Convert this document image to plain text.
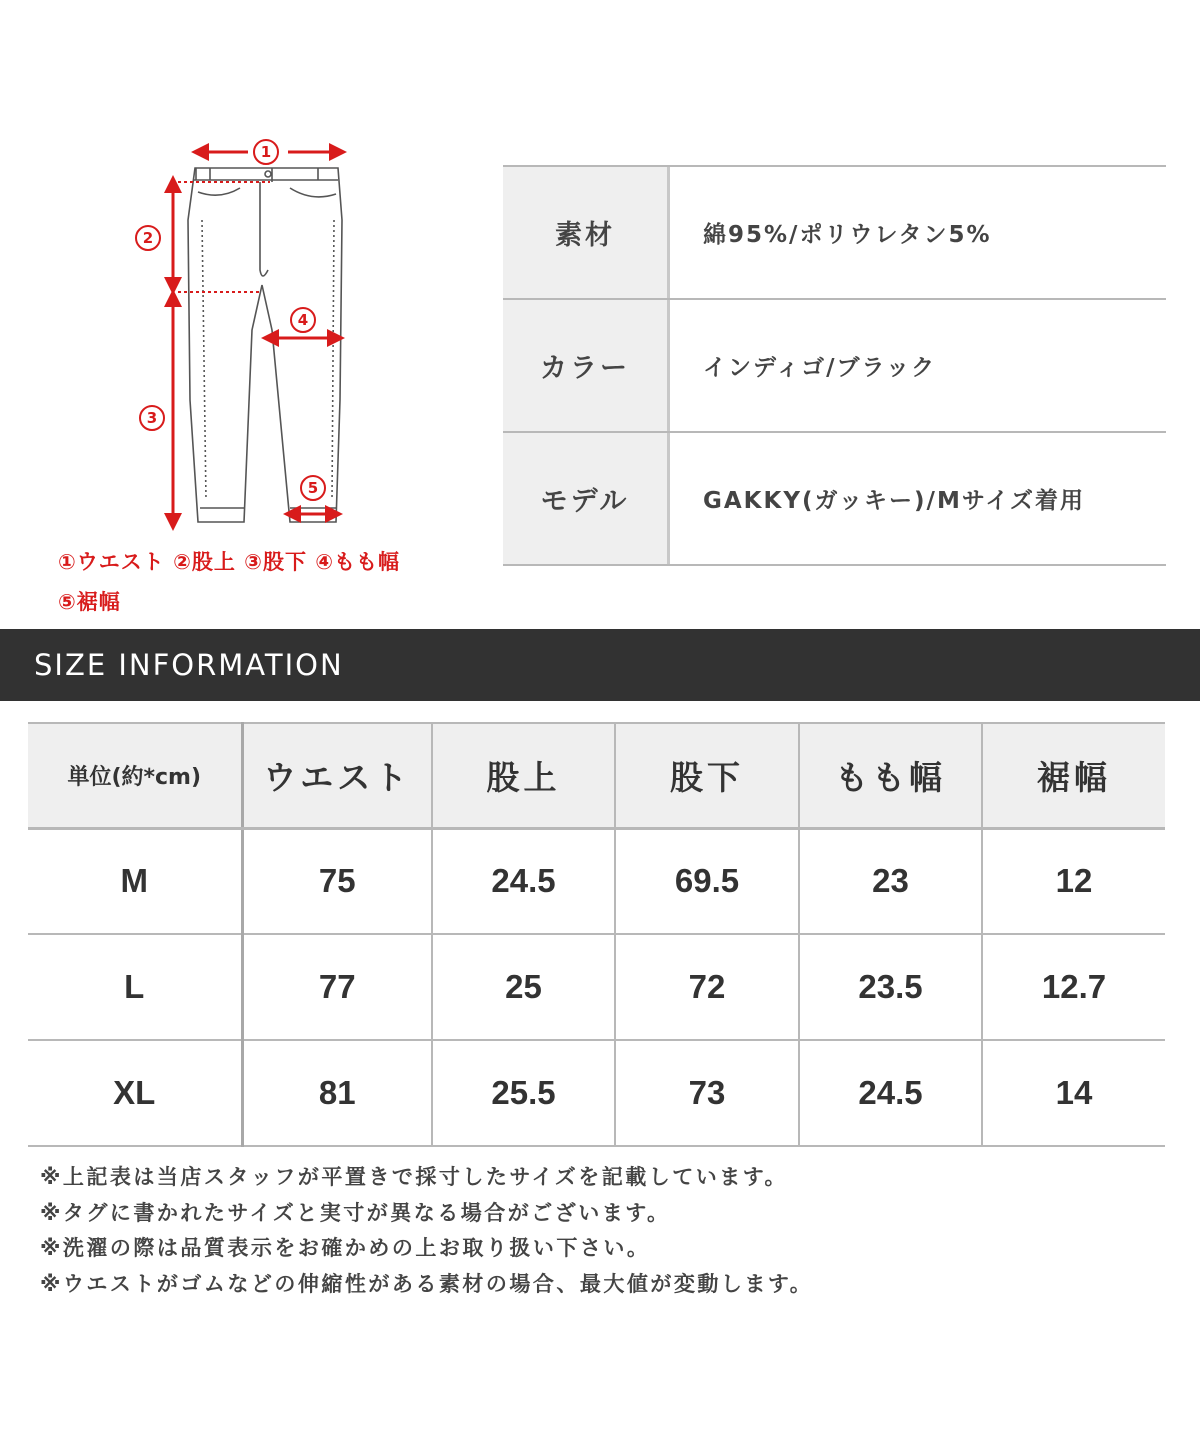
1
2
3
4
5
①ウエスト ②股上 ③股下 ④もも幅
⑤裾幅
素材	綿95%/ポリウレタン5%
カラー	インディゴ/ブラック
モデル	GAKKY(ガッキー)/Mサイズ着用
SIZE INFORMATION
単位(約*cm)	ウエスト	股上	股下	もも幅	裾幅
M	75	24.5	69.5	23	12
L	77	25	72	23.5	12.7
XL	81	25.5	73	24.5	14
※上記表は当店スタッフが平置きで採寸したサイズを記載しています。
※タグに書かれたサイズと実寸が異なる場合がございます。
※洗濯の際は品質表示をお確かめの上お取り扱い下さい。
※ウエストがゴムなどの伸縮性がある素材の場合、最大値が変動します。
